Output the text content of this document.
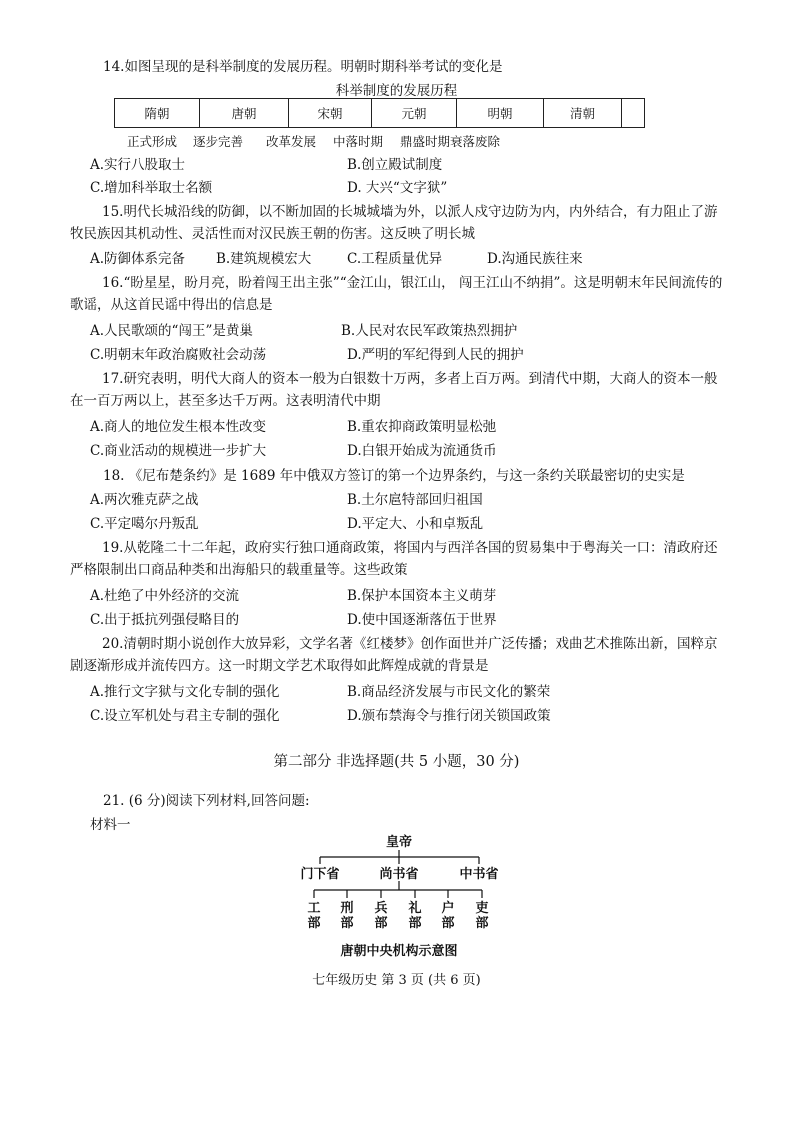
14.如图呈现的是科举制度的发展历程。明朝时期科举考试的变化是
科举制度的发展历程
隋朝	唐朝	宋朝	元朝	明朝	清朝	
正式形成 逐步完善 改革发展 中落时期 鼎盛时期衰落废除
A.实行八股取士	B.创立殿试制度
C.增加科举取士名额	D. 大兴“文字狱”
15.明代长城沿线的防御，以不断加固的长城城墙为外，以派人戍守边防为内，内外结合，有力阻止了游牧民族因其机动性、灵活性而对汉民族王朝的伤害。这反映了明长城
A.防御体系完备 B.建筑规模宏大	C.工程质量优异	D.沟通民族往来
16.“盼星星，盼月亮，盼着闯王出主张”“金江山，银江山， 闯王江山不纳捐”。这是明朝末年民间流传的歌谣，从这首民谣中得出的信息是
A.人民歌颂的“闯王”是黄巢	B.人民对农民军政策热烈拥护
C.明朝末年政治腐败社会动荡	D.严明的军纪得到人民的拥护
17.研究表明，明代大商人的资本一般为白银数十万两，多者上百万两。到清代中期，大商人的资本一般在一百万两以上，甚至多达千万两。这表明清代中期
A.商人的地位发生根本性改变	B.重农抑商政策明显松弛
C.商业活动的规模进一步扩大	D.白银开始成为流通货币
18. 《尼布楚条约》是 1689 年中俄双方签订的第一个边界条约，与这一条约关联最密切的史实是
A.两次雅克萨之战	B.土尔扈特部回归祖国
C.平定噶尔丹叛乱	D.平定大、小和卓叛乱
19.从乾隆二十二年起，政府实行独口通商政策，将国内与西洋各国的贸易集中于粤海关一口：清政府还严格限制出口商品种类和出海船只的载重量等。这些政策
A.杜绝了中外经济的交流	B.保护本国资本主义萌芽
C.出于抵抗列强侵略目的	D.使中国逐渐落伍于世界
20.清朝时期小说创作大放异彩，文学名著《红楼梦》创作面世并广泛传播；戏曲艺术推陈出新，国粹京剧逐渐形成并流传四方。这一时期文学艺术取得如此辉煌成就的背景是
A.推行文字狱与文化专制的强化	B.商品经济发展与市民文化的繁荣
C.设立军机处与君主专制的强化	D.颁布禁海令与推行闭关锁国政策
第二部分 非选择题(共 5 小题，30 分)
21. (6 分)阅读下列材料,回答问题:
材料一
皇帝
门下省	尚书省	中书省
工部
刑部
兵部
礼部
户部
吏部
唐朝中央机构示意图
七年级历史 第 3 页 (共 6 页)
